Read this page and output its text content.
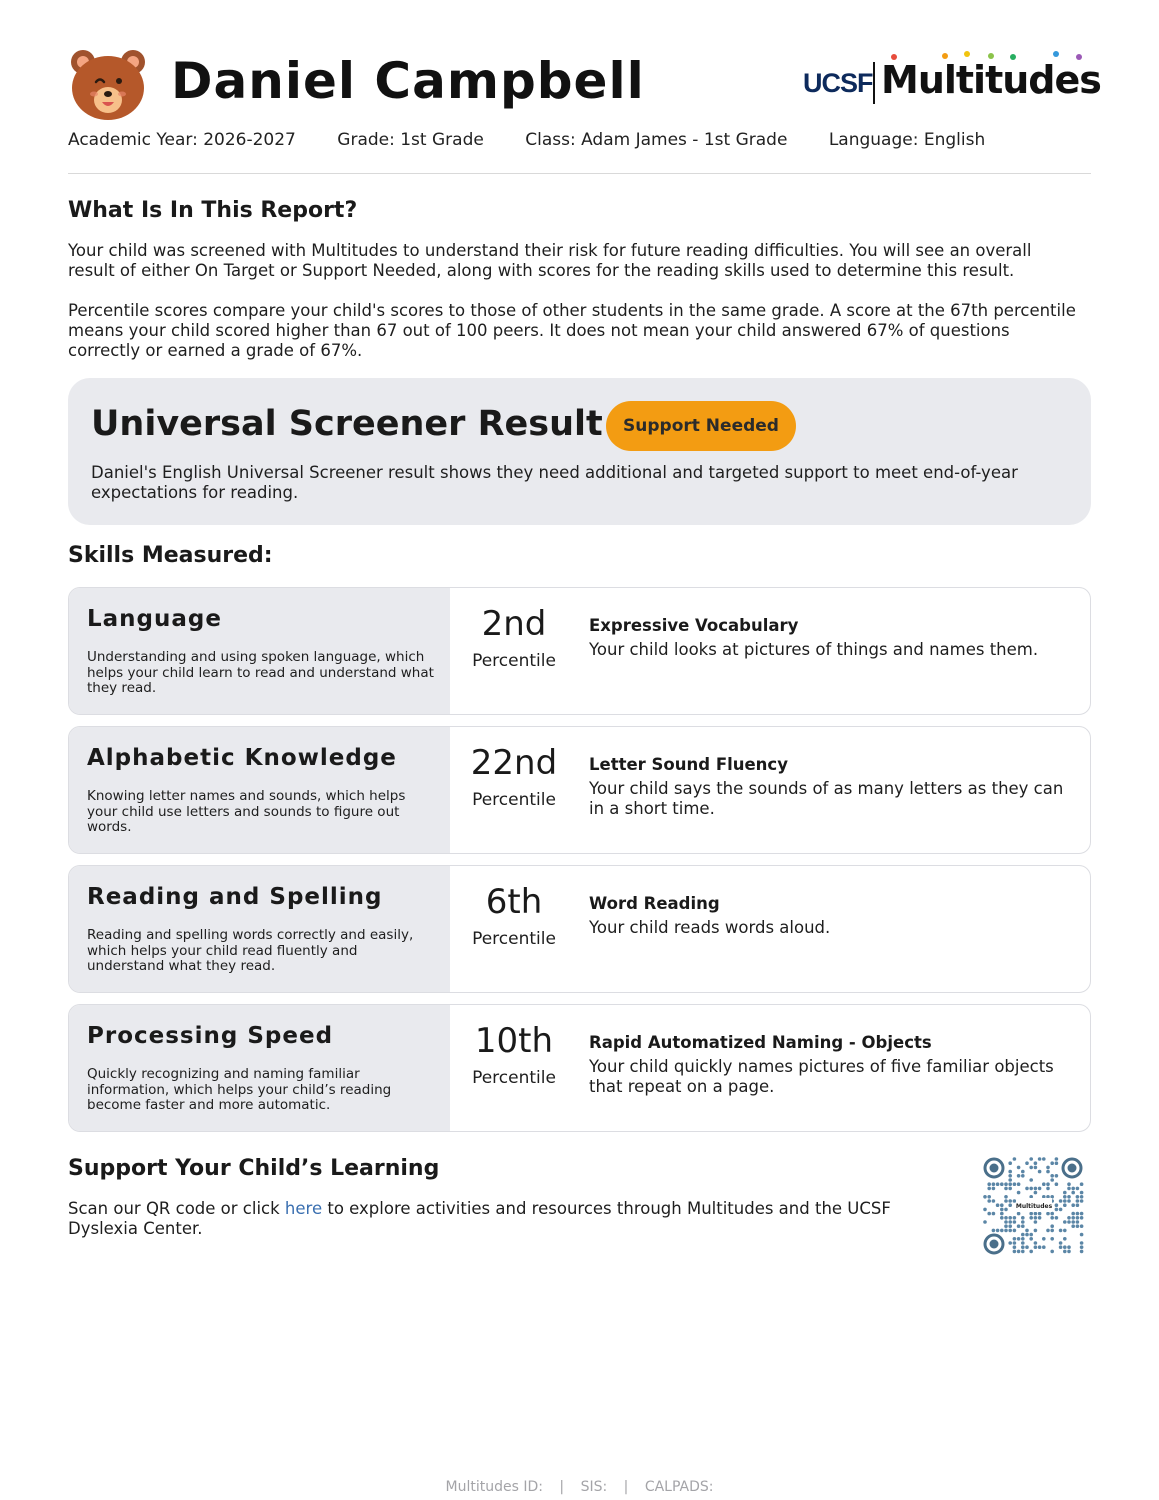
Daniel Campbell	UCSF Multitudes
Academic Year: 2026-2027 Grade: 1st Grade Class: Adam James - 1st Grade Language: English
What Is In This Report?
Your child was screened with Multitudes to understand their risk for future reading difficulties. You will see an overall result of either On Target or Support Needed, along with scores for the reading skills used to determine this result.
Percentile scores compare your child's scores to those of other students in the same grade. A score at the 67th percentile means your child scored higher than 67 out of 100 peers. It does not mean your child answered 67% of questions correctly or earned a grade of 67%.
Universal Screener Result	Support Needed
Daniel's English Universal Screener result shows they need additional and targeted support to meet end-of-year expectations for reading.
Skills Measured:
Language
Understanding and using spoken language, which helps your child learn to read and understand what they read.
2nd
Percentile
Expressive Vocabulary
Your child looks at pictures of things and names them.
Alphabetic Knowledge
Knowing letter names and sounds, which helps your child use letters and sounds to figure out words.
22nd
Percentile
Letter Sound Fluency
Your child says the sounds of as many letters as they can in a short time.
Reading and Spelling
Reading and spelling words correctly and easily, which helps your child read fluently and understand what they read.
6th
Percentile
Word Reading
Your child reads words aloud.
Processing Speed
Quickly recognizing and naming familiar information, which helps your child’s reading become faster and more automatic.
10th
Percentile
Rapid Automatized Naming - Objects
Your child quickly names pictures of five familiar objects that repeat on a page.
Support Your Child’s Learning
Scan our QR code or click here to explore activities and resources through Multitudes and the UCSF Dyslexia Center.
Multitudes
Multitudes ID: | SIS: | CALPADS:
